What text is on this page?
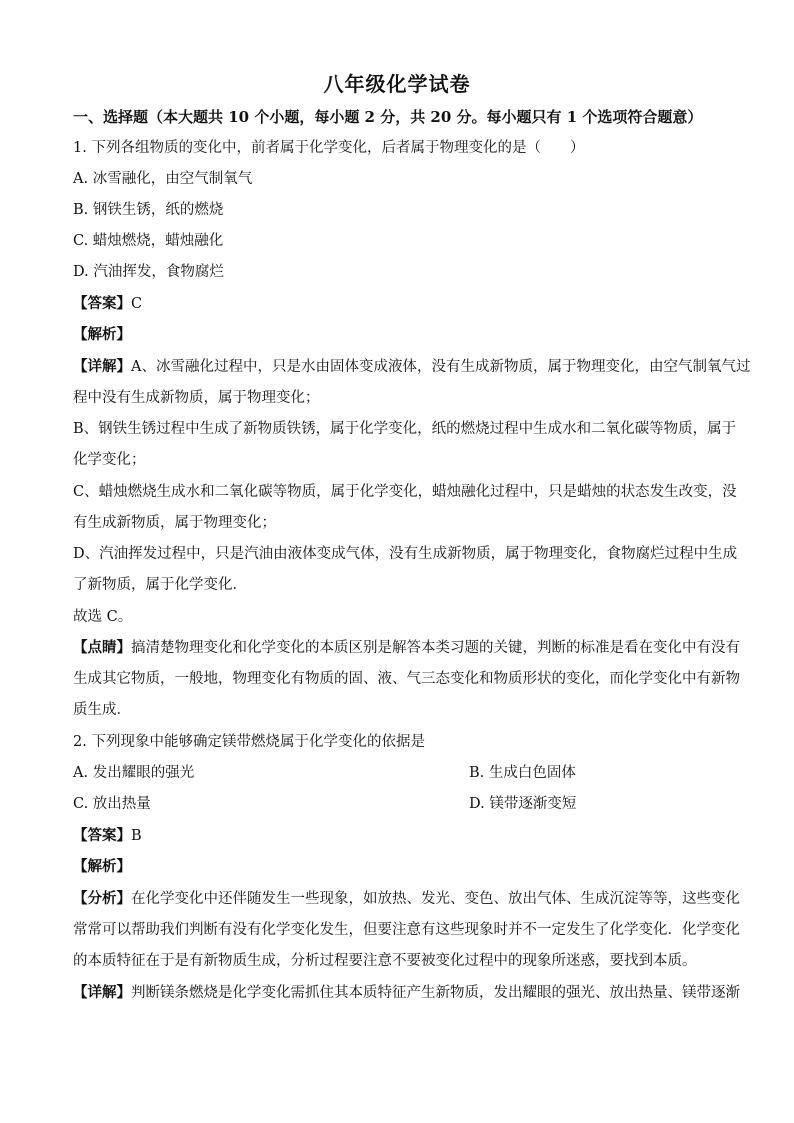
八年级化学试卷
一、选择题（本大题共 10 个小题，每小题 2 分，共 20 分。每小题只有 1 个选项符合题意）
1. 下列各组物质的变化中，前者属于化学变化，后者属于物理变化的是（　　）
A. 冰雪融化，由空气制氧气
B. 钢铁生锈，纸的燃烧
C. 蜡烛燃烧，蜡烛融化
D. 汽油挥发，食物腐烂
【答案】C
【解析】
【详解】A、冰雪融化过程中，只是水由固体变成液体，没有生成新物质，属于物理变化，由空气制氧气过
程中没有生成新物质，属于物理变化；
B、钢铁生锈过程中生成了新物质铁锈，属于化学变化，纸的燃烧过程中生成水和二氧化碳等物质，属于
化学变化；
C、蜡烛燃烧生成水和二氧化碳等物质，属于化学变化，蜡烛融化过程中，只是蜡烛的状态发生改变，没
有生成新物质，属于物理变化；
D、汽油挥发过程中，只是汽油由液体变成气体，没有生成新物质，属于物理变化，食物腐烂过程中生成
了新物质，属于化学变化．
故选 C。
【点睛】搞清楚物理变化和化学变化的本质区别是解答本类习题的关键，判断的标准是看在变化中有没有
生成其它物质，一般地，物理变化有物质的固、液、气三态变化和物质形状的变化，而化学变化中有新物
质生成．
2. 下列现象中能够确定镁带燃烧属于化学变化的依据是
A. 发出耀眼的强光	B. 生成白色固体
C. 放出热量	D. 镁带逐渐变短
【答案】B
【解析】
【分析】在化学变化中还伴随发生一些现象，如放热、发光、变色、放出气体、生成沉淀等等，这些变化
常常可以帮助我们判断有没有化学变化发生，但要注意有这些现象时并不一定发生了化学变化．化学变化
的本质特征在于是有新物质生成，分析过程要注意不要被变化过程中的现象所迷惑，要找到本质。
【详解】判断镁条燃烧是化学变化需抓住其本质特征产生新物质，发出耀眼的强光、放出热量、镁带逐渐
